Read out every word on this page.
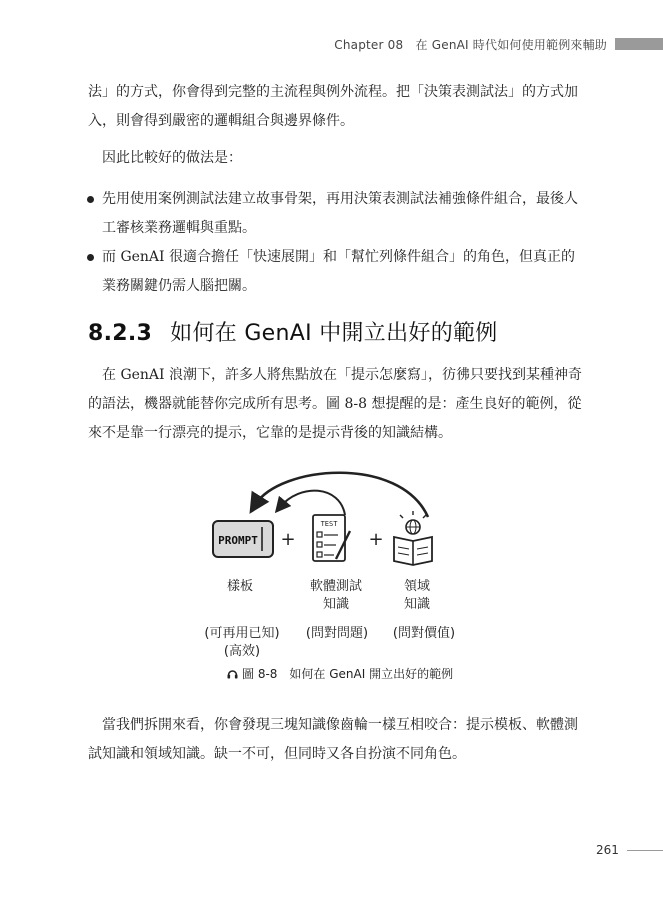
Chapter 08　在 GenAI 時代如何使用範例來輔助

法」的方式，你會得到完整的主流程與例外流程。把「決策表測試法」的方式加入，則會得到嚴密的邏輯組合與邊界條件。

因此比較好的做法是：

先用使用案例測試法建立故事骨架，再用決策表測試法補強條件組合，最後人工審核業務邏輯與重點。
而 GenAI 很適合擔任「快速展開」和「幫忙列條件組合」的角色，但真正的業務關鍵仍需人腦把關。
8.2.3 如何在 GenAI 中開立出好的範例

在 GenAI 浪潮下，許多人將焦點放在「提示怎麼寫」，彷彿只要找到某種神奇的語法，機器就能替你完成所有思考。圖 8-8 想提醒的是：產生良好的範例，從來不是靠一行漂亮的提示，它靠的是提示背後的知識結構。

PROMPT +
TEST
+
樣板	軟體測試
知識
領域
知識
(可再用已知)
(高效)
(問對問題)	(問對價值)
圖 8-8 如何在 GenAI 開立出好的範例

當我們拆開來看，你會發現三塊知識像齒輪一樣互相咬合：提示模板、軟體測試知識和領域知識。缺一不可，但同時又各自扮演不同角色。

261
